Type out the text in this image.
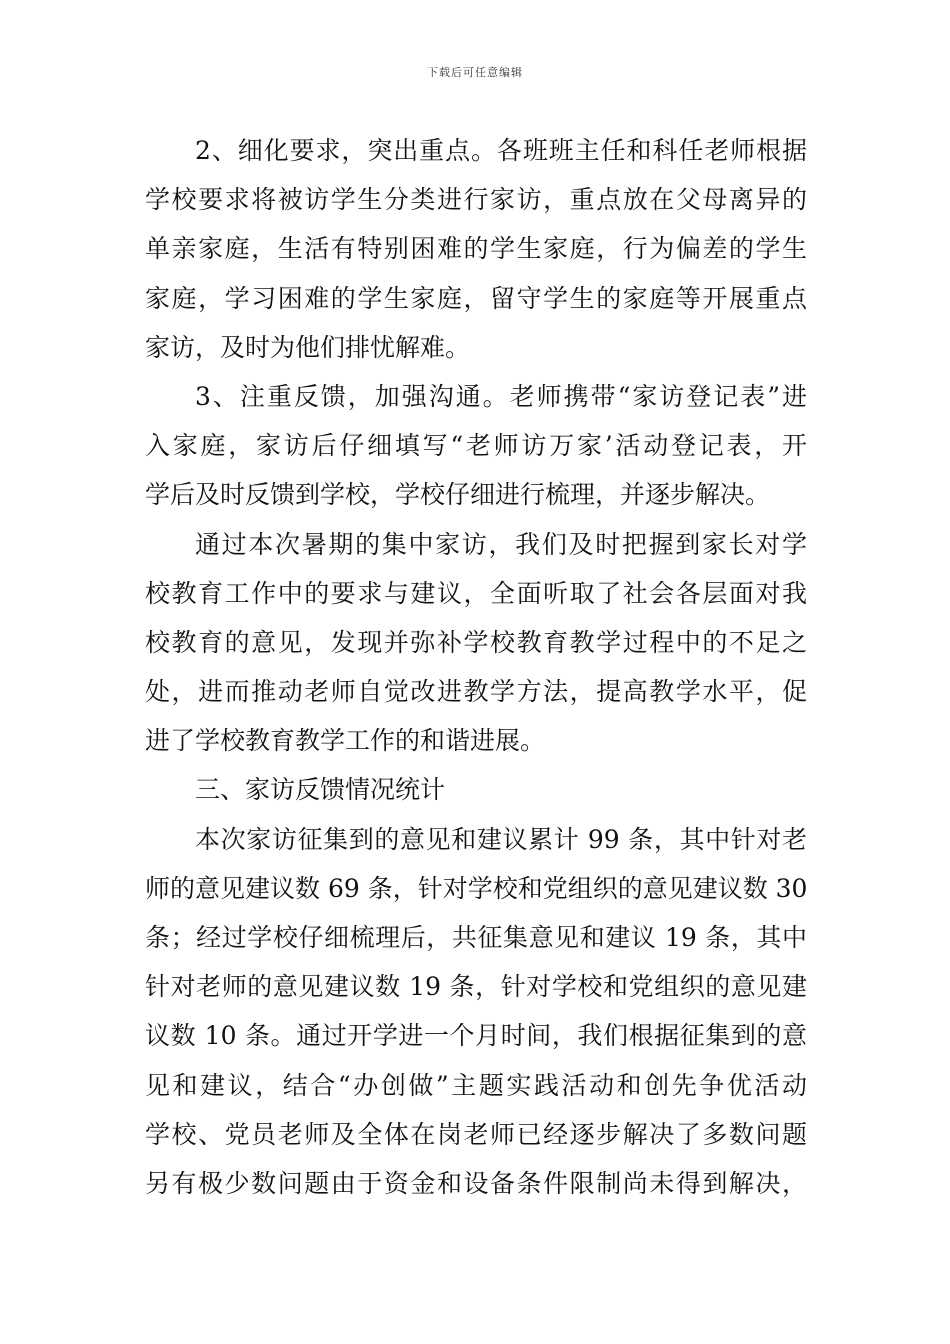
下载后可任意编辑
2、细化要求，突出重点。各班班主任和科任老师根据
学校要求将被访学生分类进行家访，重点放在父母离异的
单亲家庭，生活有特别困难的学生家庭，行为偏差的学生
家庭，学习困难的学生家庭，留守学生的家庭等开展重点
家访，及时为他们排忧解难。
3、注重反馈，加强沟通。老师携带“家访登记表”进
入家庭，家访后仔细填写“老师访万家’活动登记表，开
学后及时反馈到学校，学校仔细进行梳理，并逐步解决。
通过本次暑期的集中家访，我们及时把握到家长对学
校教育工作中的要求与建议，全面听取了社会各层面对我
校教育的意见，发现并弥补学校教育教学过程中的不足之
处，进而推动老师自觉改进教学方法，提高教学水平，促
进了学校教育教学工作的和谐进展。
三、家访反馈情况统计
本次家访征集到的意见和建议累计 99 条，其中针对老
师的意见建议数 69 条，针对学校和党组织的意见建议数 30
条；经过学校仔细梳理后，共征集意见和建议 19 条，其中
针对老师的意见建议数 19 条，针对学校和党组织的意见建
议数 10 条。通过开学进一个月时间，我们根据征集到的意
见和建议，结合“办创做”主题实践活动和创先争优活动
学校、党员老师及全体在岗老师已经逐步解决了多数问题
另有极少数问题由于资金和设备条件限制尚未得到解决，
